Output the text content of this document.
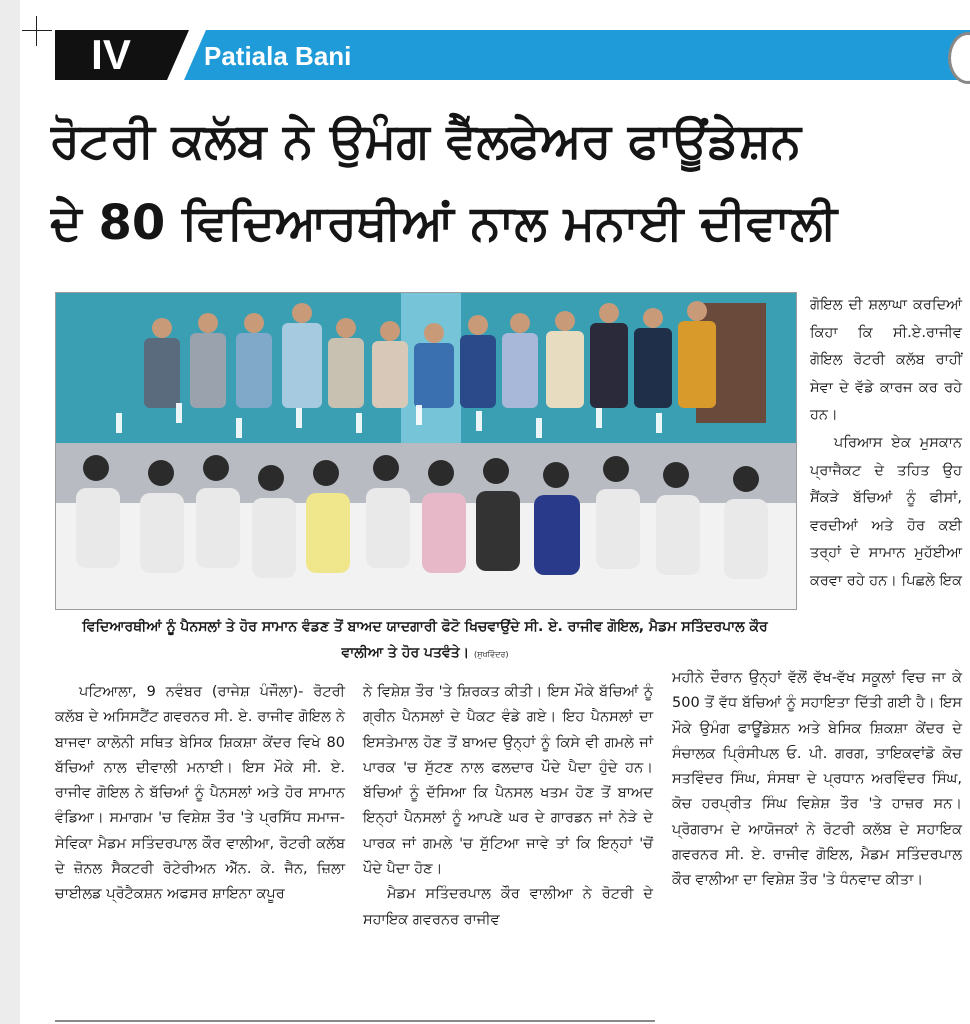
IV	Patiala Bani
ਰੋਟਰੀ ਕਲੱਬ ਨੇ ਉਮੰਗ ਵੈੱਲਫੇਅਰ ਫਾਊਂਡੇਸ਼ਨ
ਦੇ 80 ਵਿਦਿਆਰਥੀਆਂ ਨਾਲ ਮਨਾਈ ਦੀਵਾਲੀ
ਵਿਦਿਆਰਥੀਆਂ ਨੂੰ ਪੈਨਸਲਾਂ ਤੇ ਹੋਰ ਸਾਮਾਨ ਵੰਡਣ ਤੋਂ ਬਾਅਦ ਯਾਦਗਾਰੀ ਫੋਟੋ ਖਿਚਵਾਉਂਦੇ ਸੀ. ਏ. ਰਾਜੀਵ ਗੋਇਲ, ਮੈਡਮ ਸਤਿੰਦਰਪਾਲ ਕੌਰ ਵਾਲੀਆ ਤੇ ਹੋਰ ਪਤਵੰਤੇ। (ਸੁਖਵਿੰਦਰ)

ਗੋਇਲ ਦੀ ਸ਼ਲਾਘਾ ਕਰਦਿਆਂ ਕਿਹਾ ਕਿ ਸੀ.ਏ.ਰਾਜੀਵ ਗੋਇਲ ਰੋਟਰੀ ਕਲੱਬ ਰਾਹੀਂ ਸੇਵਾ ਦੇ ਵੱਡੇ ਕਾਰਜ ਕਰ ਰਹੇ ਹਨ।

ਪਰਿਆਸ ਏਕ ਮੁਸਕਾਨ ਪ੍ਰਾਜੈਕਟ ਦੇ ਤਹਿਤ ਉਹ ਸੈਂਕੜੇ ਬੱਚਿਆਂ ਨੂੰ ਫੀਸਾਂ, ਵਰਦੀਆਂ ਅਤੇ ਹੋਰ ਕਈ ਤਰ੍ਹਾਂ ਦੇ ਸਾਮਾਨ ਮੁਹੱਈਆ ਕਰਵਾ ਰਹੇ ਹਨ। ਪਿਛਲੇ ਇਕ

ਪਟਿਆਲਾ, 9 ਨਵੰਬਰ (ਰਾਜੇਸ਼ ਪੰਜੌਲਾ)- ਰੋਟਰੀ ਕਲੱਬ ਦੇ ਅਸਿਸਟੈਂਟ ਗਵਰਨਰ ਸੀ. ਏ. ਰਾਜੀਵ ਗੋਇਲ ਨੇ ਬਾਜਵਾ ਕਾਲੋਨੀ ਸਥਿਤ ਬੇਸਿਕ ਸ਼ਿਕਸ਼ਾ ਕੇਂਦਰ ਵਿਖੇ 80 ਬੱਚਿਆਂ ਨਾਲ ਦੀਵਾਲੀ ਮਨਾਈ। ਇਸ ਮੌਕੇ ਸੀ. ਏ. ਰਾਜੀਵ ਗੋਇਲ ਨੇ ਬੱਚਿਆਂ ਨੂੰ ਪੈਨਸਲਾਂ ਅਤੇ ਹੋਰ ਸਾਮਾਨ ਵੰਡਿਆ। ਸਮਾਗਮ 'ਚ ਵਿਸ਼ੇਸ਼ ਤੌਰ 'ਤੇ ਪ੍ਰਸਿੱਧ ਸਮਾਜ-ਸੇਵਿਕਾ ਮੈਡਮ ਸਤਿੰਦਰਪਾਲ ਕੌਰ ਵਾਲੀਆ, ਰੋਟਰੀ ਕਲੱਬ ਦੇ ਜ਼ੋਨਲ ਸੈਕਟਰੀ ਰੋਟੇਰੀਅਨ ਐੱਨ. ਕੇ. ਜੈਨ, ਜ਼ਿਲਾ ਚਾਈਲਡ ਪ੍ਰੋਟੈਕਸ਼ਨ ਅਫਸਰ ਸ਼ਾਇਨਾ ਕਪੂਰ

ਨੇ ਵਿਸ਼ੇਸ਼ ਤੌਰ 'ਤੇ ਸ਼ਿਰਕਤ ਕੀਤੀ। ਇਸ ਮੌਕੇ ਬੱਚਿਆਂ ਨੂੰ ਗ੍ਰੀਨ ਪੈਨਸਲਾਂ ਦੇ ਪੈਕਟ ਵੰਡੇ ਗਏ। ਇਹ ਪੈਨਸਲਾਂ ਦਾ ਇਸਤੇਮਾਲ ਹੋਣ ਤੋਂ ਬਾਅਦ ਉਨ੍ਹਾਂ ਨੂੰ ਕਿਸੇ ਵੀ ਗਮਲੇ ਜਾਂ ਪਾਰਕ 'ਚ ਸੁੱਟਣ ਨਾਲ ਫਲਦਾਰ ਪੌਦੇ ਪੈਦਾ ਹੁੰਦੇ ਹਨ। ਬੱਚਿਆਂ ਨੂੰ ਦੱਸਿਆ ਕਿ ਪੈਨਸਲ ਖਤਮ ਹੋਣ ਤੋਂ ਬਾਅਦ ਇਨ੍ਹਾਂ ਪੈਨਸਲਾਂ ਨੂੰ ਆਪਣੇ ਘਰ ਦੇ ਗਾਰਡਨ ਜਾਂ ਨੇੜੇ ਦੇ ਪਾਰਕ ਜਾਂ ਗਮਲੇ 'ਚ ਸੁੱਟਿਆ ਜਾਵੇ ਤਾਂ ਕਿ ਇਨ੍ਹਾਂ 'ਚੋਂ ਪੌਦੇ ਪੈਦਾ ਹੋਣ।

ਮੈਡਮ ਸਤਿੰਦਰਪਾਲ ਕੌਰ ਵਾਲੀਆ ਨੇ ਰੋਟਰੀ ਦੇ ਸਹਾਇਕ ਗਵਰਨਰ ਰਾਜੀਵ

ਮਹੀਨੇ ਦੌਰਾਨ ਉਨ੍ਹਾਂ ਵੱਲੋਂ ਵੱਖ-ਵੱਖ ਸਕੂਲਾਂ ਵਿਚ ਜਾ ਕੇ 500 ਤੋਂ ਵੱਧ ਬੱਚਿਆਂ ਨੂੰ ਸਹਾਇਤਾ ਦਿੱਤੀ ਗਈ ਹੈ। ਇਸ ਮੌਕੇ ਉਮੰਗ ਫਾਊਂਡੇਸ਼ਨ ਅਤੇ ਬੇਸਿਕ ਸ਼ਿਕਸ਼ਾ ਕੇਂਦਰ ਦੇ ਸੰਚਾਲਕ ਪ੍ਰਿੰਸੀਪਲ ਓ. ਪੀ. ਗਰਗ, ਤਾਇਕਵਾਂਡੋ ਕੋਚ ਸਤਵਿੰਦਰ ਸਿੰਘ, ਸੰਸਥਾ ਦੇ ਪ੍ਰਧਾਨ ਅਰਵਿੰਦਰ ਸਿੰਘ, ਕੋਚ ਹਰਪ੍ਰੀਤ ਸਿੰਘ ਵਿਸ਼ੇਸ਼ ਤੌਰ 'ਤੇ ਹਾਜ਼ਰ ਸਨ। ਪ੍ਰੋਗਰਾਮ ਦੇ ਆਯੋਜਕਾਂ ਨੇ ਰੋਟਰੀ ਕਲੱਬ ਦੇ ਸਹਾਇਕ ਗਵਰਨਰ ਸੀ. ਏ. ਰਾਜੀਵ ਗੋਇਲ, ਮੈਡਮ ਸਤਿੰਦਰਪਾਲ ਕੌਰ ਵਾਲੀਆ ਦਾ ਵਿਸ਼ੇਸ਼ ਤੌਰ 'ਤੇ ਧੰਨਵਾਦ ਕੀਤਾ।
